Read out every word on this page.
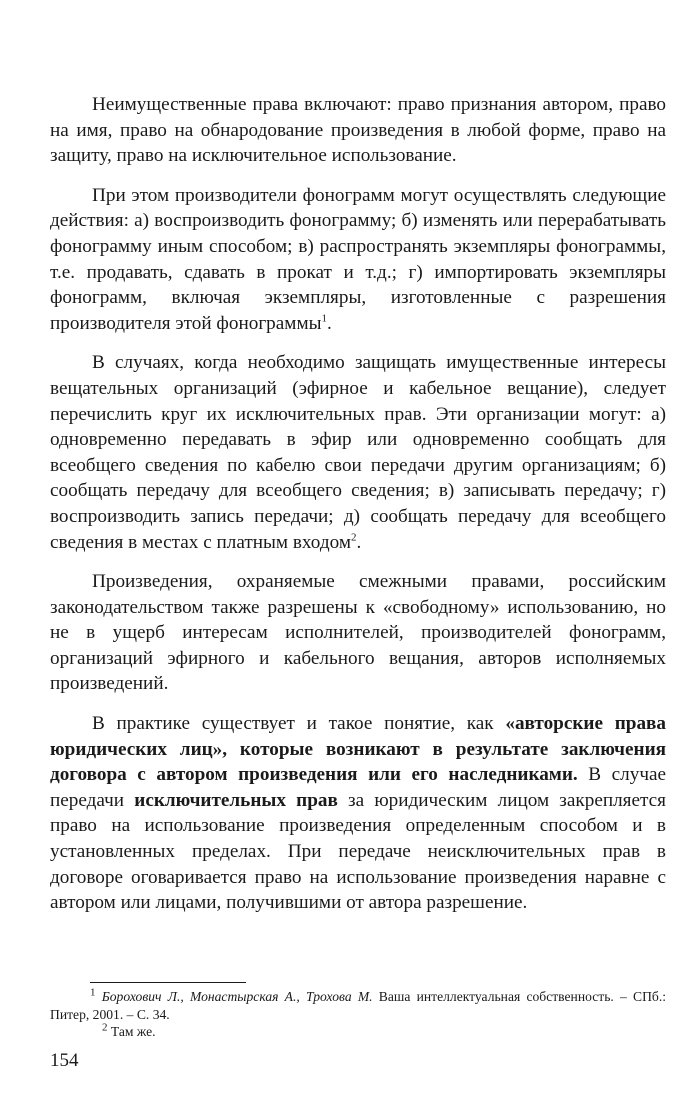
Неимущественные права включают: право признания автором, право на имя, право на обнародование произведения в любой форме, право на защиту, право на исключительное использование.

При этом производители фонограмм могут осуществлять следующие действия: а) воспроизводить фонограмму; б) изменять или перерабатывать фонограмму иным способом; в) распространять экземпляры фонограммы, т.е. продавать, сдавать в прокат и т.д.; г) импортировать экземпляры фонограмм, включая экземпляры, изготовленные с разрешения производителя этой фонограммы$^1$.

В случаях, когда необходимо защищать имущественные интересы вещательных организаций (эфирное и кабельное вещание), следует перечислить круг их исключительных прав. Эти организации могут: а) одновременно передавать в эфир или одновременно сообщать для всеобщего сведения по кабелю свои передачи другим организациям; б) сообщать передачу для всеобщего сведения; в) записывать передачу; г) воспроизводить запись передачи; д) сообщать передачу для всеобщего сведения в местах с платным входом$^2$.

Произведения, охраняемые смежными правами, российским законодательством также разрешены к «свободному» использованию, но не в ущерб интересам исполнителей, производителей фонограмм, организаций эфирного и кабельного вещания, авторов исполняемых произведений.

В практике существует и такое понятие, как «авторские права юридических лиц», которые возникают в результате заключения договора с автором произведения или его наследниками. В случае передачи исключительных прав за юридическим лицом закрепляется право на использование произведения определенным способом и в установленных пределах. При передаче неисключительных прав в договоре оговаривается право на использование произведения наравне с автором или лицами, получившими от автора разрешение.

$^1$ Борохович Л., Монастырская А., Трохова М. Ваша интеллектуальная собственность. – СПб.: Питер, 2001. – С. 34.

$^2$ Там же.

154
